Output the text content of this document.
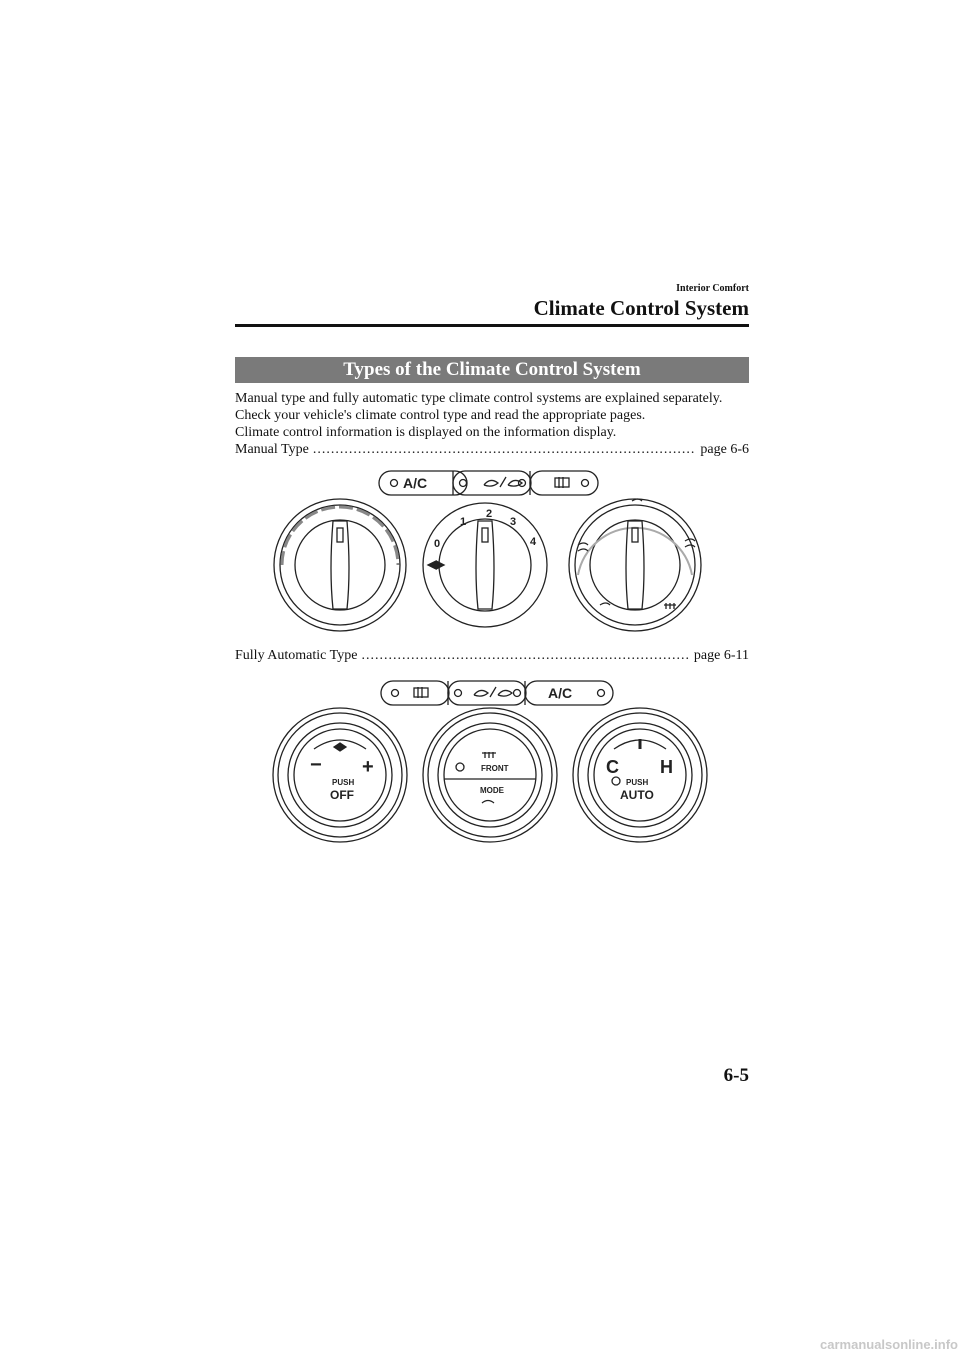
Interior Comfort
Climate Control System
Types of the Climate Control System
Manual type and fully automatic type climate control systems are explained separately.
Check your vehicle's climate control type and read the appropriate pages.
Climate control information is displayed on the information display.
Manual Type .....	page 6-6
A/C
0
1
2
3
4
Fully Automatic Type .....	page 6-11
A/C
− +
PUSH
OFF
FRONT
MODE
C H
PUSH
AUTO
6-5
carmanualsonline.info
